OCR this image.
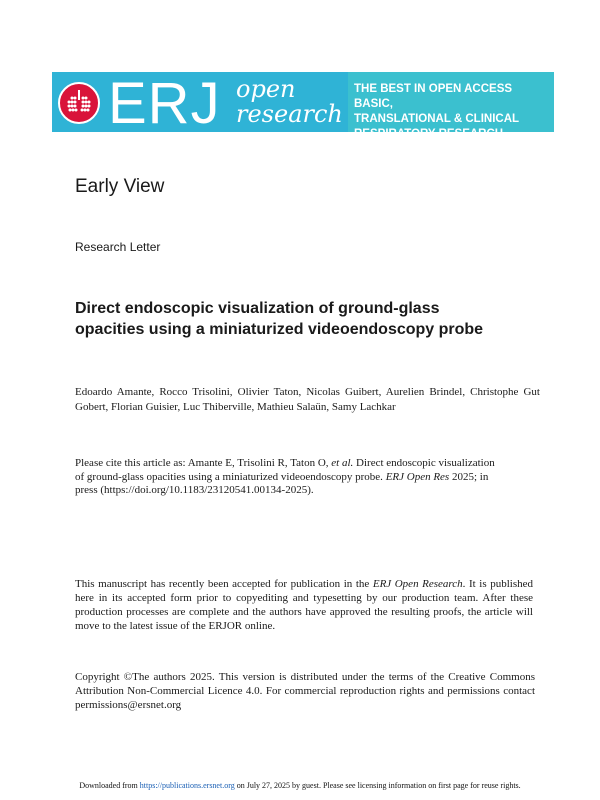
ERJ open
research
THE BEST IN OPEN ACCESS BASIC,
TRANSLATIONAL & CLINICAL
RESPIRATORY RESEARCH
Early View
Research Letter
Direct endoscopic visualization of ground-glass opacities using a miniaturized videoendoscopy probe
Edoardo Amante, Rocco Trisolini, Olivier Taton, Nicolas Guibert, Aurelien Brindel, Christophe Gut Gobert, Florian Guisier, Luc Thiberville, Mathieu Salaün, Samy Lachkar
Please cite this article as: Amante E, Trisolini R, Taton O, et al. Direct endoscopic visualization of ground-glass opacities using a miniaturized videoendoscopy probe. ERJ Open Res 2025; in press (https://doi.org/10.1183/23120541.00134-2025).
This manuscript has recently been accepted for publication in the ERJ Open Research. It is published here in its accepted form prior to copyediting and typesetting by our production team. After these production processes are complete and the authors have approved the resulting proofs, the article will move to the latest issue of the ERJOR online.
Copyright ©The authors 2025. This version is distributed under the terms of the Creative Commons Attribution Non-Commercial Licence 4.0. For commercial reproduction rights and permissions contact permissions@ersnet.org
Downloaded from https://publications.ersnet.org on July 27, 2025 by guest. Please see licensing information on first page for reuse rights.
